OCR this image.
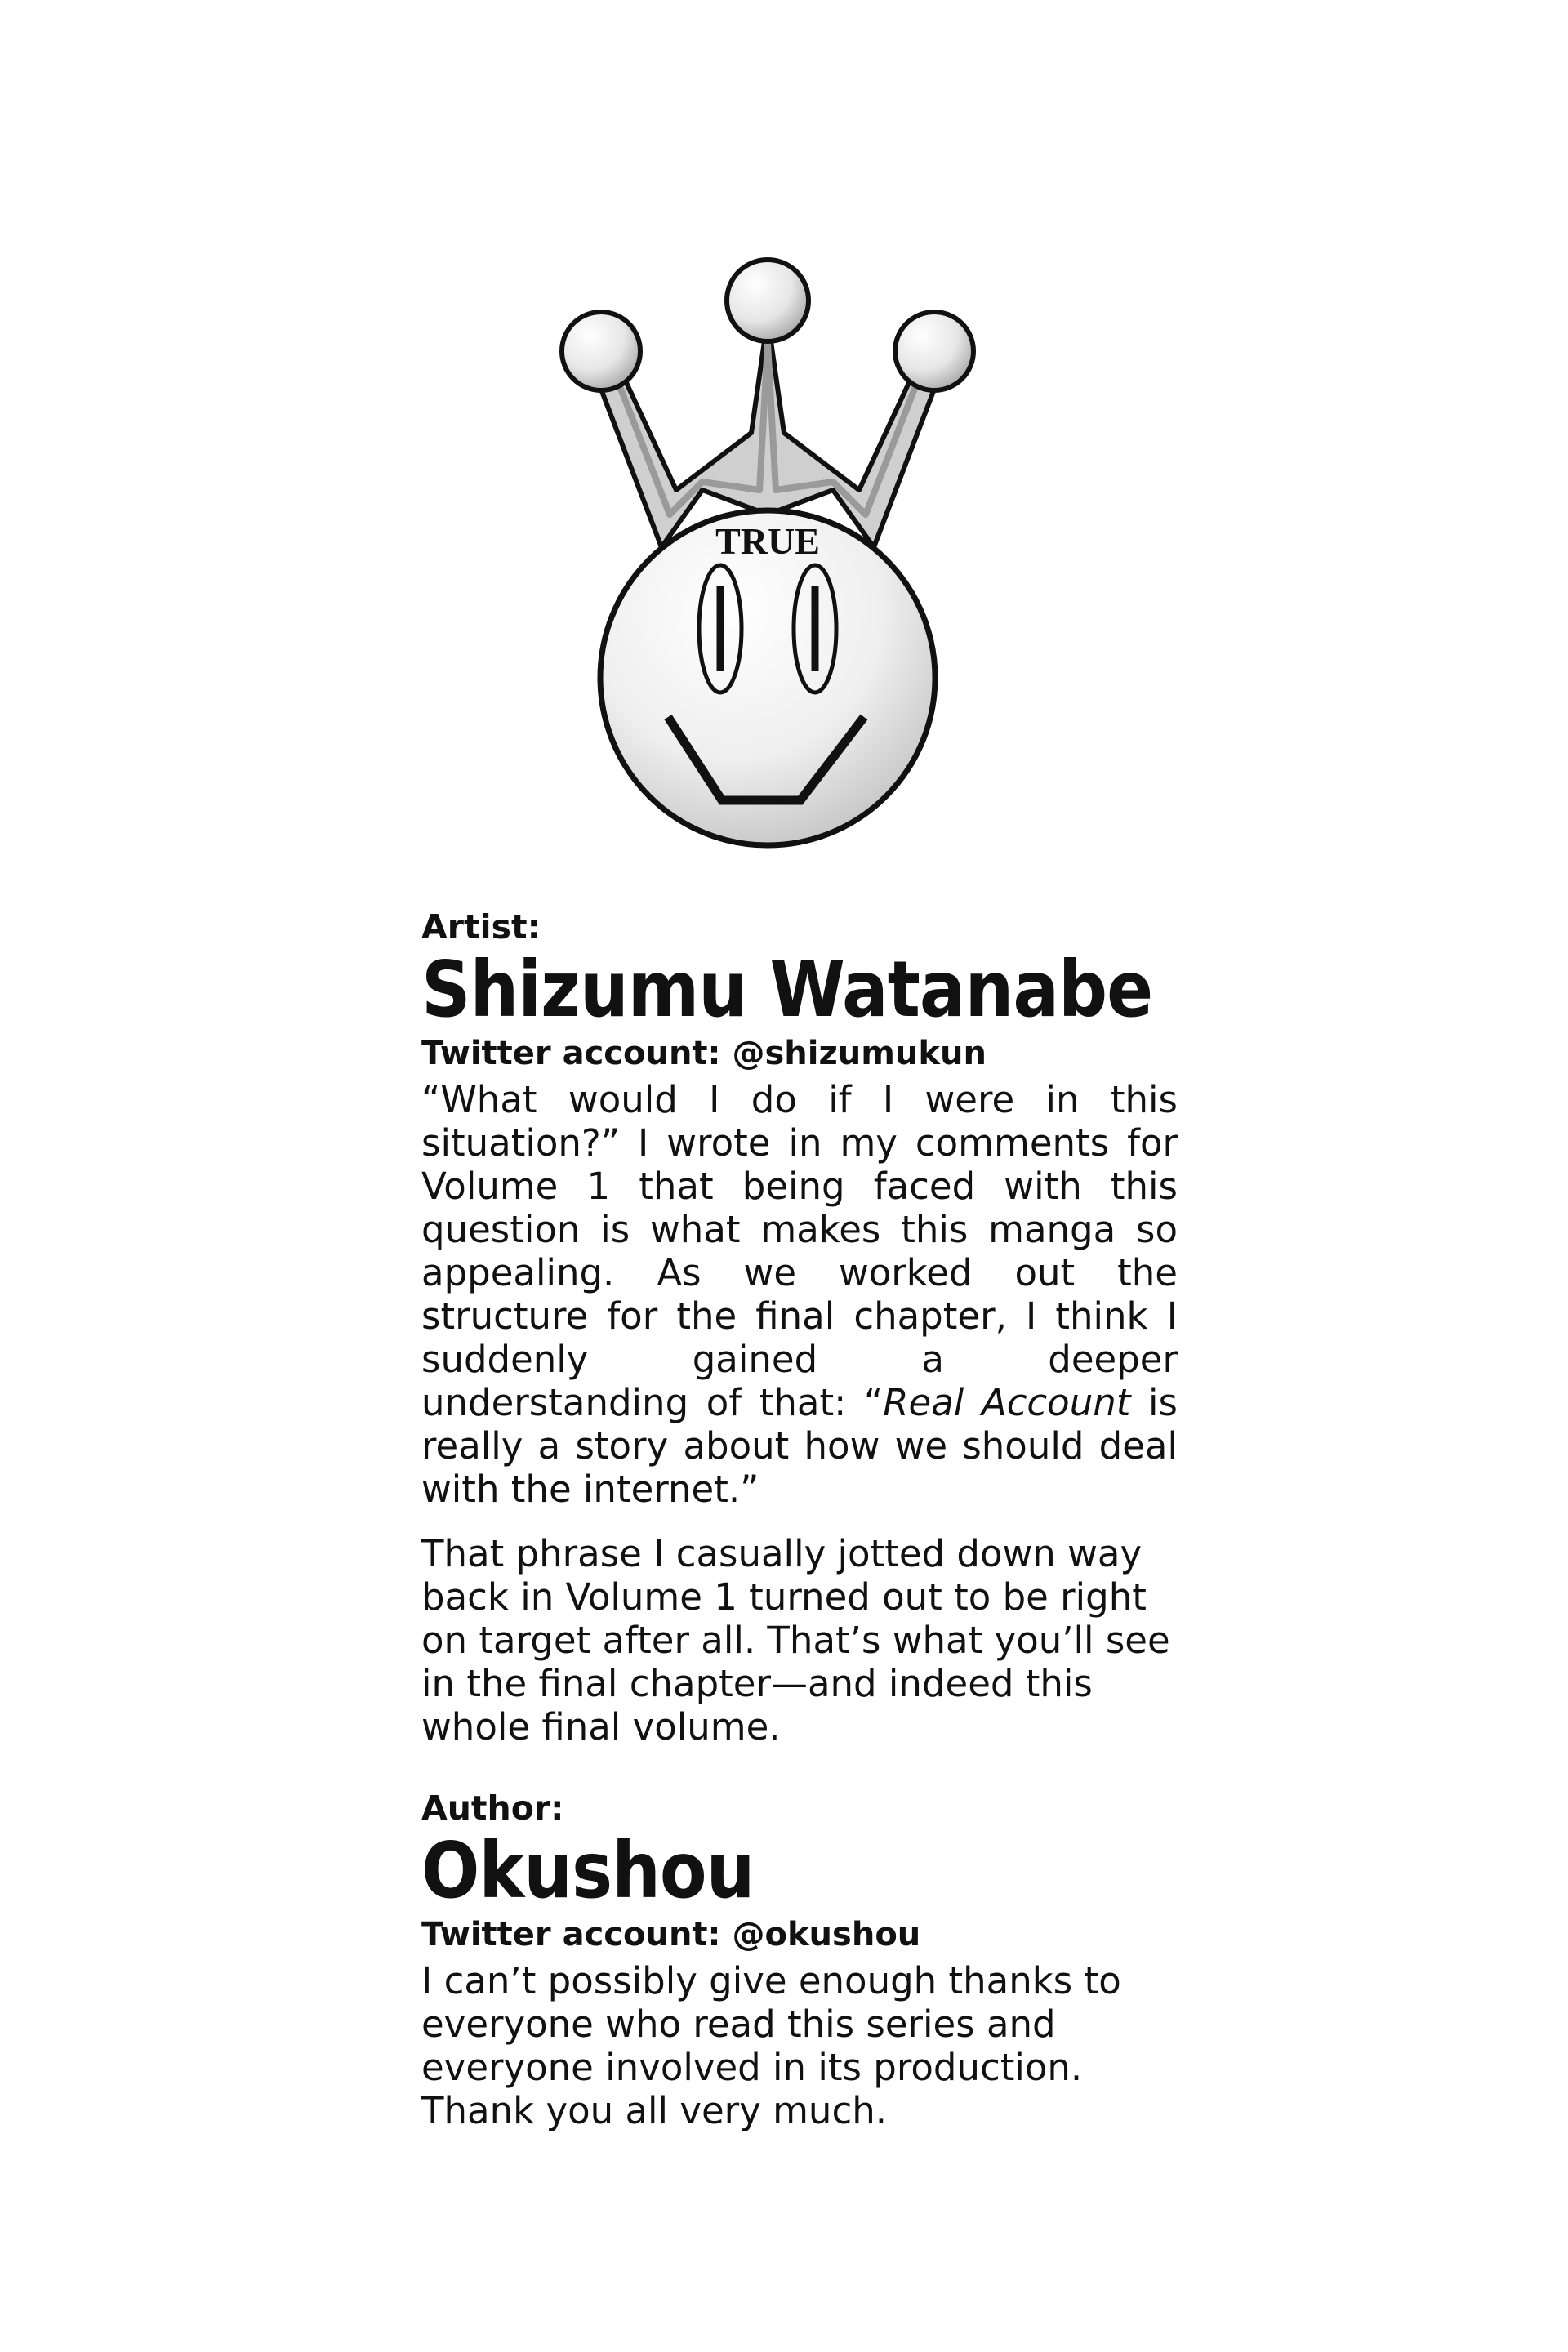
TRUE
Artist:
Shizumu Watanabe
Twitter account: @shizumukun

“What would I do if I were in this situation?” I wrote in my comments for Volume 1 that being faced with this question is what makes this manga so appealing. As we worked out the structure for the final chapter, I think I suddenly gained a deeper understanding of that: “Real Account is really a story about how we should deal with the internet.”

That phrase I casually jotted down way back in Volume 1 turned out to be right on target after all. That’s what you’ll see in the final chapter—and indeed this whole final volume.

Author:
Okushou
Twitter account: @okushou

I can’t possibly give enough thanks to everyone who read this series and everyone involved in its production. Thank you all very much.
